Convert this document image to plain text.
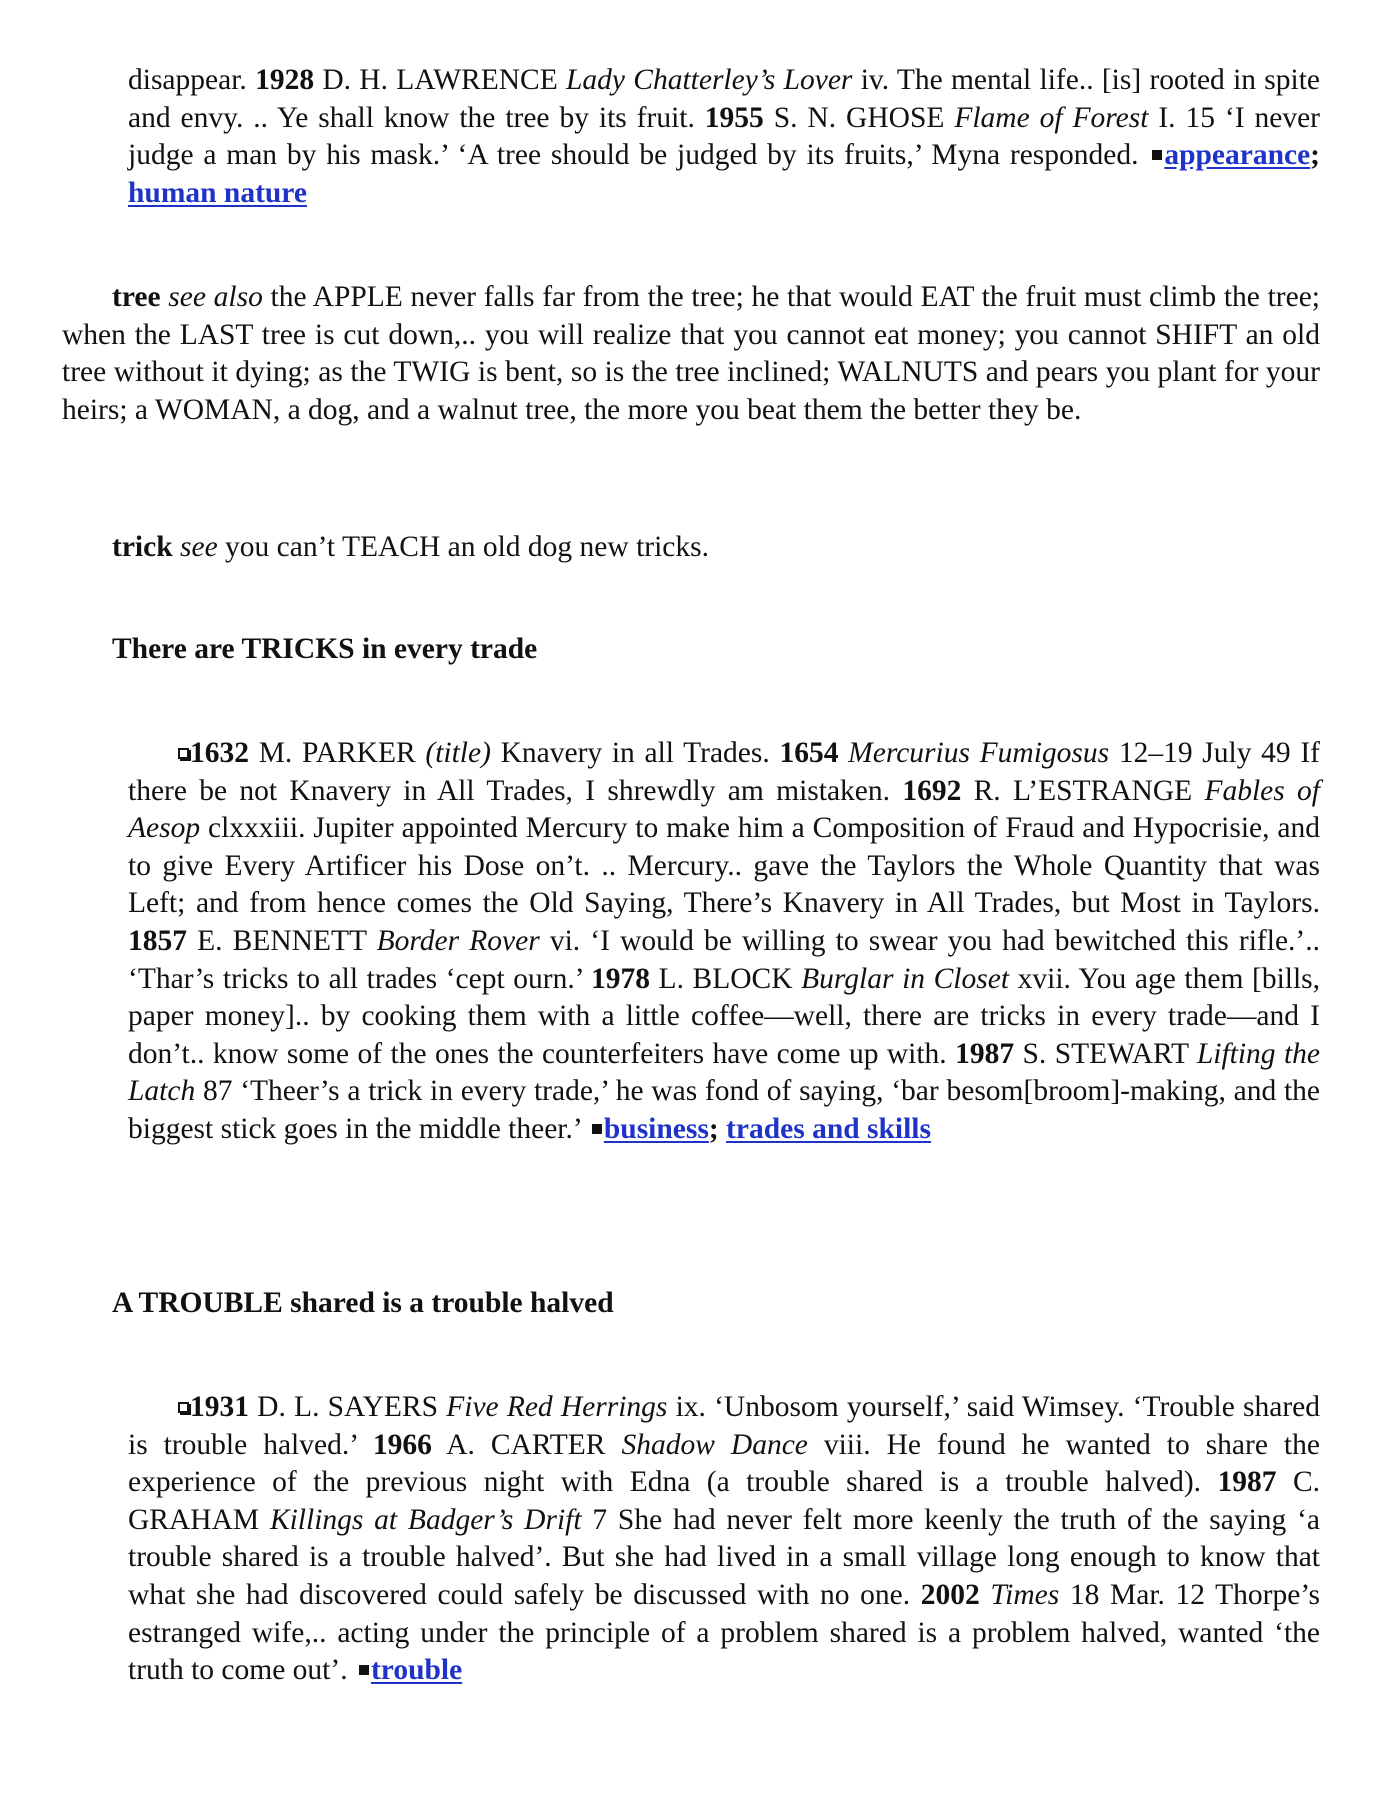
disappear. 1928 D. H. LAWRENCE Lady Chatterley’s Lover iv. The mental life.. [is] rooted in spite and envy. .. Ye shall know the tree by its fruit. 1955 S. N. GHOSE Flame of Forest I. 15 ‘I never judge a man by his mask.’ ‘A tree should be judged by its fruits,’ Myna responded. appearance; human nature

tree see also the APPLE never falls far from the tree; he that would EAT the fruit must climb the tree; when the LAST tree is cut down,.. you will realize that you cannot eat money; you cannot SHIFT an old tree without it dying; as the TWIG is bent, so is the tree inclined; WALNUTS and pears you plant for your heirs; a WOMAN, a dog, and a walnut tree, the more you beat them the better they be.

trick see you can’t TEACH an old dog new tricks.

There are TRICKS in every trade

1632 M. PARKER (title) Knavery in all Trades. 1654 Mercurius Fumigosus 12–19 July 49 If there be not Knavery in All Trades, I shrewdly am mistaken. 1692 R. L’ESTRANGE Fables of Aesop clxxxiii. Jupiter appointed Mercury to make him a Composition of Fraud and Hypocrisie, and to give Every Artificer his Dose on’t. .. Mercury.. gave the Taylors the Whole Quantity that was Left; and from hence comes the Old Saying, There’s Knavery in All Trades, but Most in Taylors. 1857 E. BENNETT Border Rover vi. ‘I would be willing to swear you had bewitched this rifle.’.. ‘Thar’s tricks to all trades ‘cept ourn.’ 1978 L. BLOCK Burglar in Closet xvii. You age them [bills, paper money].. by cooking them with a little coffee—well, there are tricks in every trade—and I don’t.. know some of the ones the counterfeiters have come up with. 1987 S. STEWART Lifting the Latch 87 ‘Theer’s a trick in every trade,’ he was fond of saying, ‘bar besom[broom]-making, and the biggest stick goes in the middle theer.’ business; trades and skills

A TROUBLE shared is a trouble halved

1931 D. L. SAYERS Five Red Herrings ix. ‘Unbosom yourself,’ said Wimsey. ‘Trouble shared is trouble halved.’ 1966 A. CARTER Shadow Dance viii. He found he wanted to share the experience of the previous night with Edna (a trouble shared is a trouble halved). 1987 C. GRAHAM Killings at Badger’s Drift 7 She had never felt more keenly the truth of the saying ‘a trouble shared is a trouble halved’. But she had lived in a small village long enough to know that what she had discovered could safely be discussed with no one. 2002 Times 18 Mar. 12 Thorpe’s estranged wife,.. acting under the principle of a problem shared is a problem halved, wanted ‘the truth to come out’. trouble
